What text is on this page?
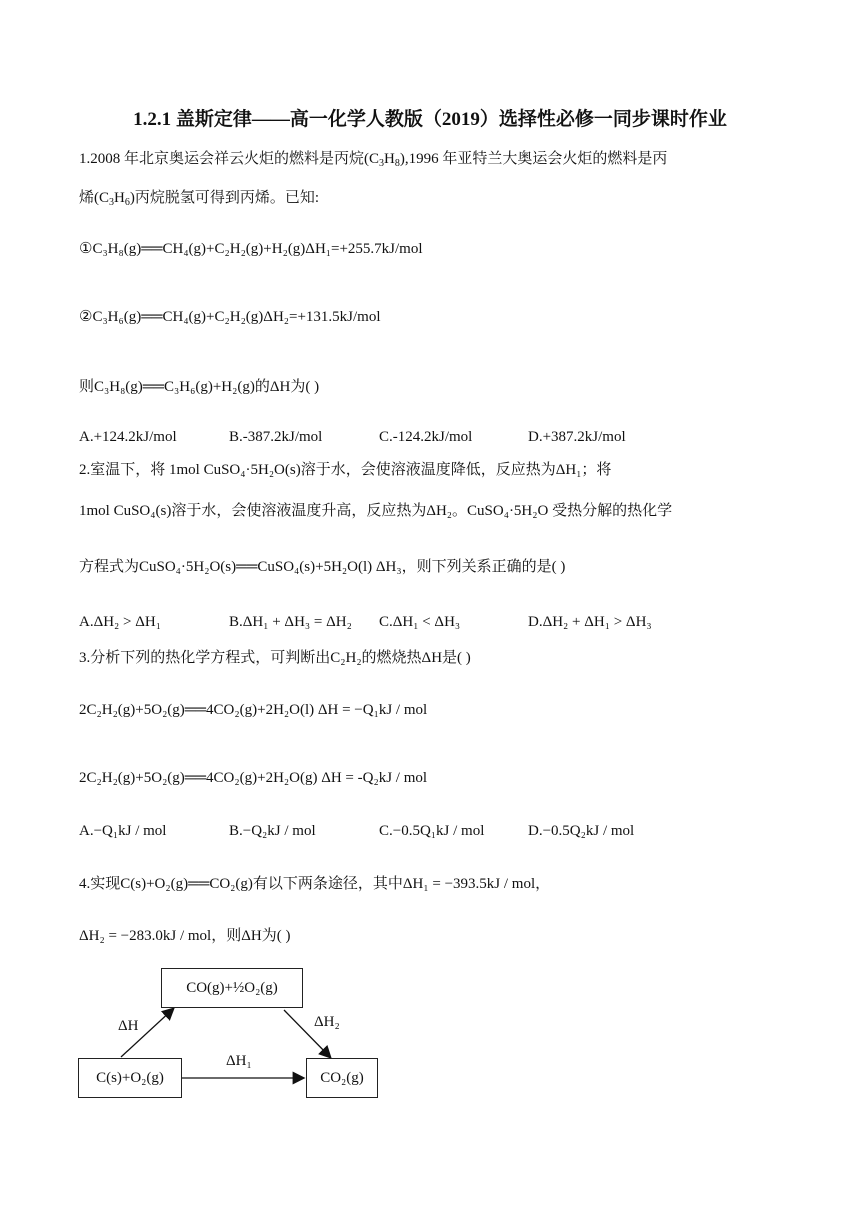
1.2.1 盖斯定律——高一化学人教版（2019）选择性必修一同步课时作业
1.2008 年北京奥运会祥云火炬的燃料是丙烷$(C_3H_8),1996$ 年亚特兰大奥运会火炬的燃料是丙
烯$(C_3H_6)$丙烷脱氢可得到丙烯。已知:
①C₃H₈(g)══CH₄(g)+C₂H₂(g)+H₂(g)ΔH₁=+255.7kJ/mol
②C₃H₆(g)══CH₄(g)+C₂H₂(g)ΔH₂=+131.5kJ/mol
则C₃H₈(g)══C₃H₆(g)+H₂(g)的ΔH为( )
A.+124.2kJ/mol	B.-387.2kJ/mol	C.-124.2kJ/mol	D.+387.2kJ/mol
2.室温下，将 1mol CuSO₄·5H₂O(s)溶于水，会使溶液温度降低，反应热为ΔH₁；将
1mol CuSO₄(s)溶于水，会使溶液温度升高，反应热为ΔH₂。CuSO₄·5H₂O 受热分解的热化学
方程式为CuSO₄·5H₂O(s)══CuSO₄(s)+5H₂O(l) ΔH₃，则下列关系正确的是( )
A.ΔH₂ > ΔH₁	B.ΔH₁ + ΔH₃ = ΔH₂ C.ΔH₁ < ΔH₃	D.ΔH₂ + ΔH₁ > ΔH₃
3.分析下列的热化学方程式，可判断出C₂H₂的燃烧热ΔH是( )
2C₂H₂(g)+5O₂(g)══4CO₂(g)+2H₂O(l) ΔH = −Q₁kJ / mol
2C₂H₂(g)+5O₂(g)══4CO₂(g)+2H₂O(g) ΔH = -Q₂kJ / mol
A.−Q₁kJ / mol	B.−Q₂kJ / mol	C.−0.5Q₁kJ / mol	D.−0.5Q₂kJ / mol
4.实现C(s)+O₂(g)══CO₂(g)有以下两条途径，其中ΔH₁ = −393.5kJ / mol，
ΔH₂ = −283.0kJ / mol，则ΔH为( )
CO(g)+½O₂(g)
C(s)+O₂(g)	CO₂(g)
ΔH	ΔH₂
ΔH₁
